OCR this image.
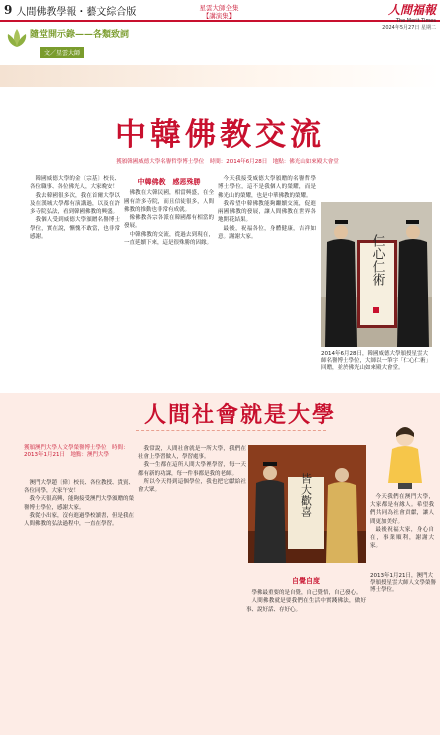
9 人間佛教學報・藝文綜合版	星雲大師全集
【講演集】	人間福報
The Merit Times
2024年5月27日 星期二
隨堂開示錄——各類致詞
文／星雲大師
中韓佛教交流
獲頒韓國威德大學名譽哲學博士學位　時間：2014年6月28日　地點：佛光山如來殿大會堂

韓國威德大學的金〔宗基〕校長、各位職事、各位佛光人，大家晚安！

我去韓國很多次，我在首爾大學以及在漢城大學都有演講過，以及在許多寺院弘法，看到韓國佛教的興盛。

我個人受到威德大學頒贈名譽博士學位，實在說，慚愧不敢當，也非常感謝。

中韓佛教　感恩殊勝

佛教在大韓民國，相當興盛，在全國有許多寺院，而且信徒很多，人間佛教的推動也非常有成就。

像佛教各宗各派在韓國都有相當的發展。

中韓佛教的交流，從過去到現在，一直延續下來，這是很殊勝的因緣。

今天我接受威德大學頒贈的名譽哲學博士學位，這不是我個人的榮耀，而是佛光山的榮耀，也是中華佛教的榮耀。

我希望中韓佛教能夠繼續交流，促進兩國佛教的發展，讓人間佛教在世界各地開花結果。

最後，祝福各位，身體健康，吉祥如意。謝謝大家。	仁心仁術
2014年6月28日，韓國威德大學頒授星雲大師名譽博士學位，大師以一筆字「仁心仁術」回贈，並於佛光山如來殿大會堂。
人間社會就是大學
獲頒澳門大學人文學榮譽博士學位　時間：2013年1月21日　地點：澳門大學

澳門大學趙〔偉〕校長、各位教授、貴賓、各位同學，大家午安！

我今天很高興，能夠接受澳門大學頒贈的榮譽博士學位，感謝大家。

我從小出家，沒有進過學校讀書，但是我在人間佛教的弘法過程中，一直在學習。

我常說，人間社會就是一所大學，我們在社會上學習做人，學習處事。

我一生都在這所人間大學裡學習，每一天都有新的功課，每一件事都是我的老師。

所以今天得到這個學位，我也把它獻給社會大眾。	皆大歡喜
自覺自度

學佛最重要的是自覺，自己覺悟，自己發心。

人間佛教就是要我們在生活中實踐佛法，做好事、說好話、存好心。

今天我們在澳門大學，大家都是有緣人。希望我們共同為社會貢獻，讓人間更加美好。

最後祝福大家，身心自在，事業順利，謝謝大家。

2013年1月21日，澳門大學頒授星雲大師人文學榮譽博士學位。
